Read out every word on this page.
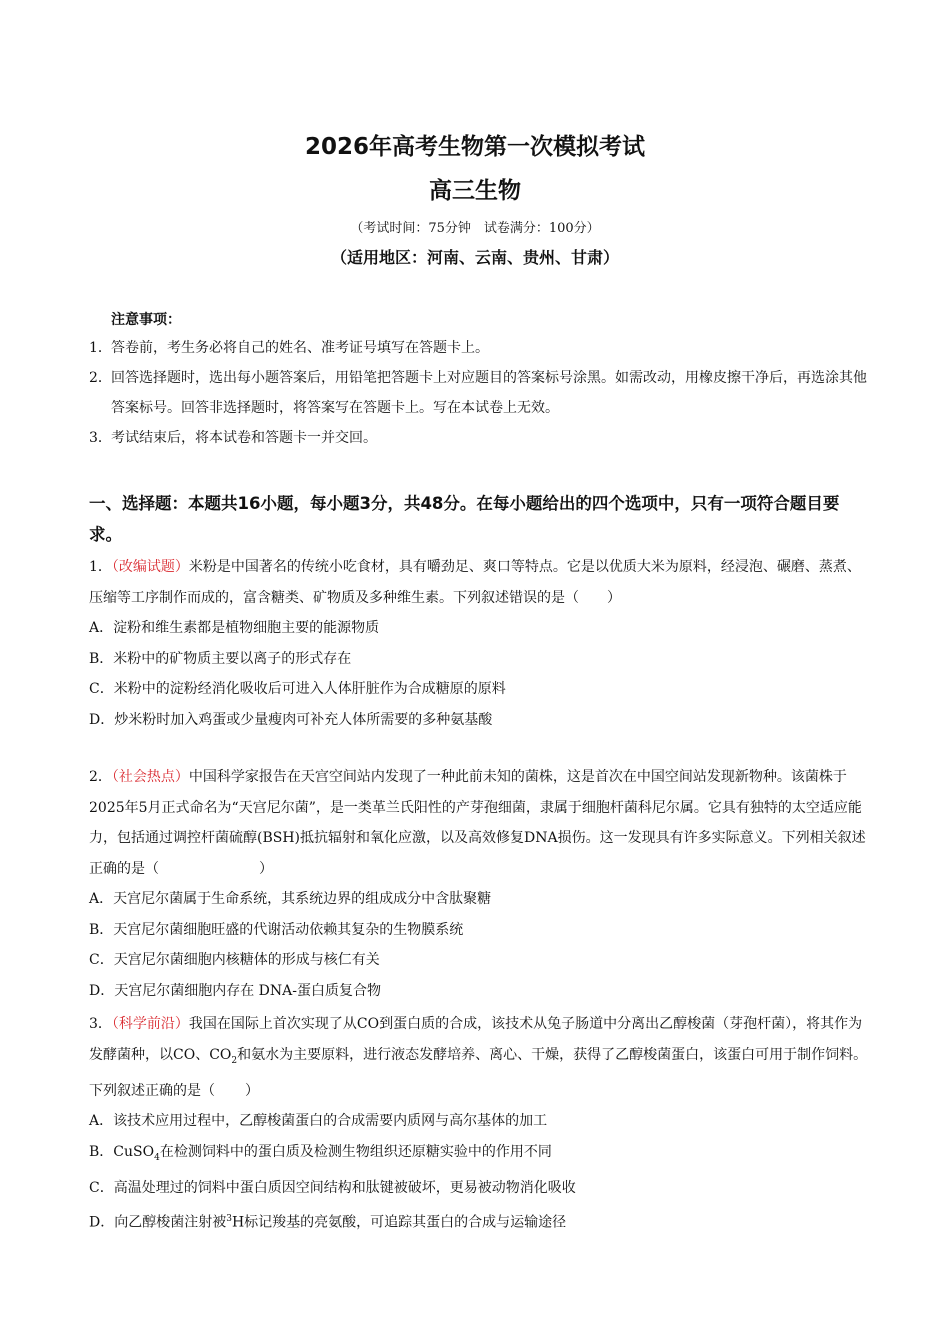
2026年高考生物第一次模拟考试
高三生物
（考试时间：75分钟　试卷满分：100分）
（适用地区：河南、云南、贵州、甘肃）
注意事项：
1．答卷前，考生务必将自己的姓名、准考证号填写在答题卡上。
2． 回答选择题时，选出每小题答案后，用铅笔把答题卡上对应题目的答案标号涂黑。如需改动，用橡皮擦干净后，再选涂其他答案标号。回答非选择题时，将答案写在答题卡上。写在本试卷上无效。
3．考试结束后，将本试卷和答题卡一并交回。
一、选择题：本题共16小题，每小题3分，共48分。在每小题给出的四个选项中，只有一项符合题目要求。
1．（改编试题）米粉是中国著名的传统小吃食材，具有嚼劲足、爽口等特点。它是以优质大米为原料，经浸泡、碾磨、蒸煮、压缩等工序制作而成的，富含糖类、矿物质及多种维生素。下列叙述错误的是（　　）
A．淀粉和维生素都是植物细胞主要的能源物质
B．米粉中的矿物质主要以离子的形式存在
C．米粉中的淀粉经消化吸收后可进入人体肝脏作为合成糖原的原料
D．炒米粉时加入鸡蛋或少量瘦肉可补充人体所需要的多种氨基酸
2．（社会热点）中国科学家报告在天宫空间站内发现了一种此前未知的菌株，这是首次在中国空间站发现新物种。该菌株于2025年5月正式命名为“天宫尼尔菌”，是一类革兰氏阳性的产芽孢细菌，隶属于细胞杆菌科尼尔属。它具有独特的太空适应能力，包括通过调控杆菌硫醇(BSH)抵抗辐射和氧化应激，以及高效修复DNA损伤。这一发现具有许多实际意义。下列相关叙述正确的是（	）
A．天宫尼尔菌属于生命系统，其系统边界的组成成分中含肽聚糖
B．天宫尼尔菌细胞旺盛的代谢活动依赖其复杂的生物膜系统
C．天宫尼尔菌细胞内核糖体的形成与核仁有关
D．天宫尼尔菌细胞内存在 DNA-蛋白质复合物
3．（科学前沿）我国在国际上首次实现了从CO到蛋白质的合成，该技术从兔子肠道中分离出乙醇梭菌（芽孢杆菌），将其作为发酵菌种，以CO、$CO_2$和氨水为主要原料，进行液态发酵培养、离心、干燥，获得了乙醇梭菌蛋白，该蛋白可用于制作饲料。下列叙述正确的是（ ）
A．该技术应用过程中，乙醇梭菌蛋白的合成需要内质网与高尔基体的加工
B．CuSO$_4$在检测饲料中的蛋白质及检测生物组织还原糖实验中的作用不同
C．高温处理过的饲料中蛋白质因空间结构和肽键被破坏，更易被动物消化吸收
D．向乙醇梭菌注射被$^3$H标记羧基的亮氨酸，可追踪其蛋白的合成与运输途径
